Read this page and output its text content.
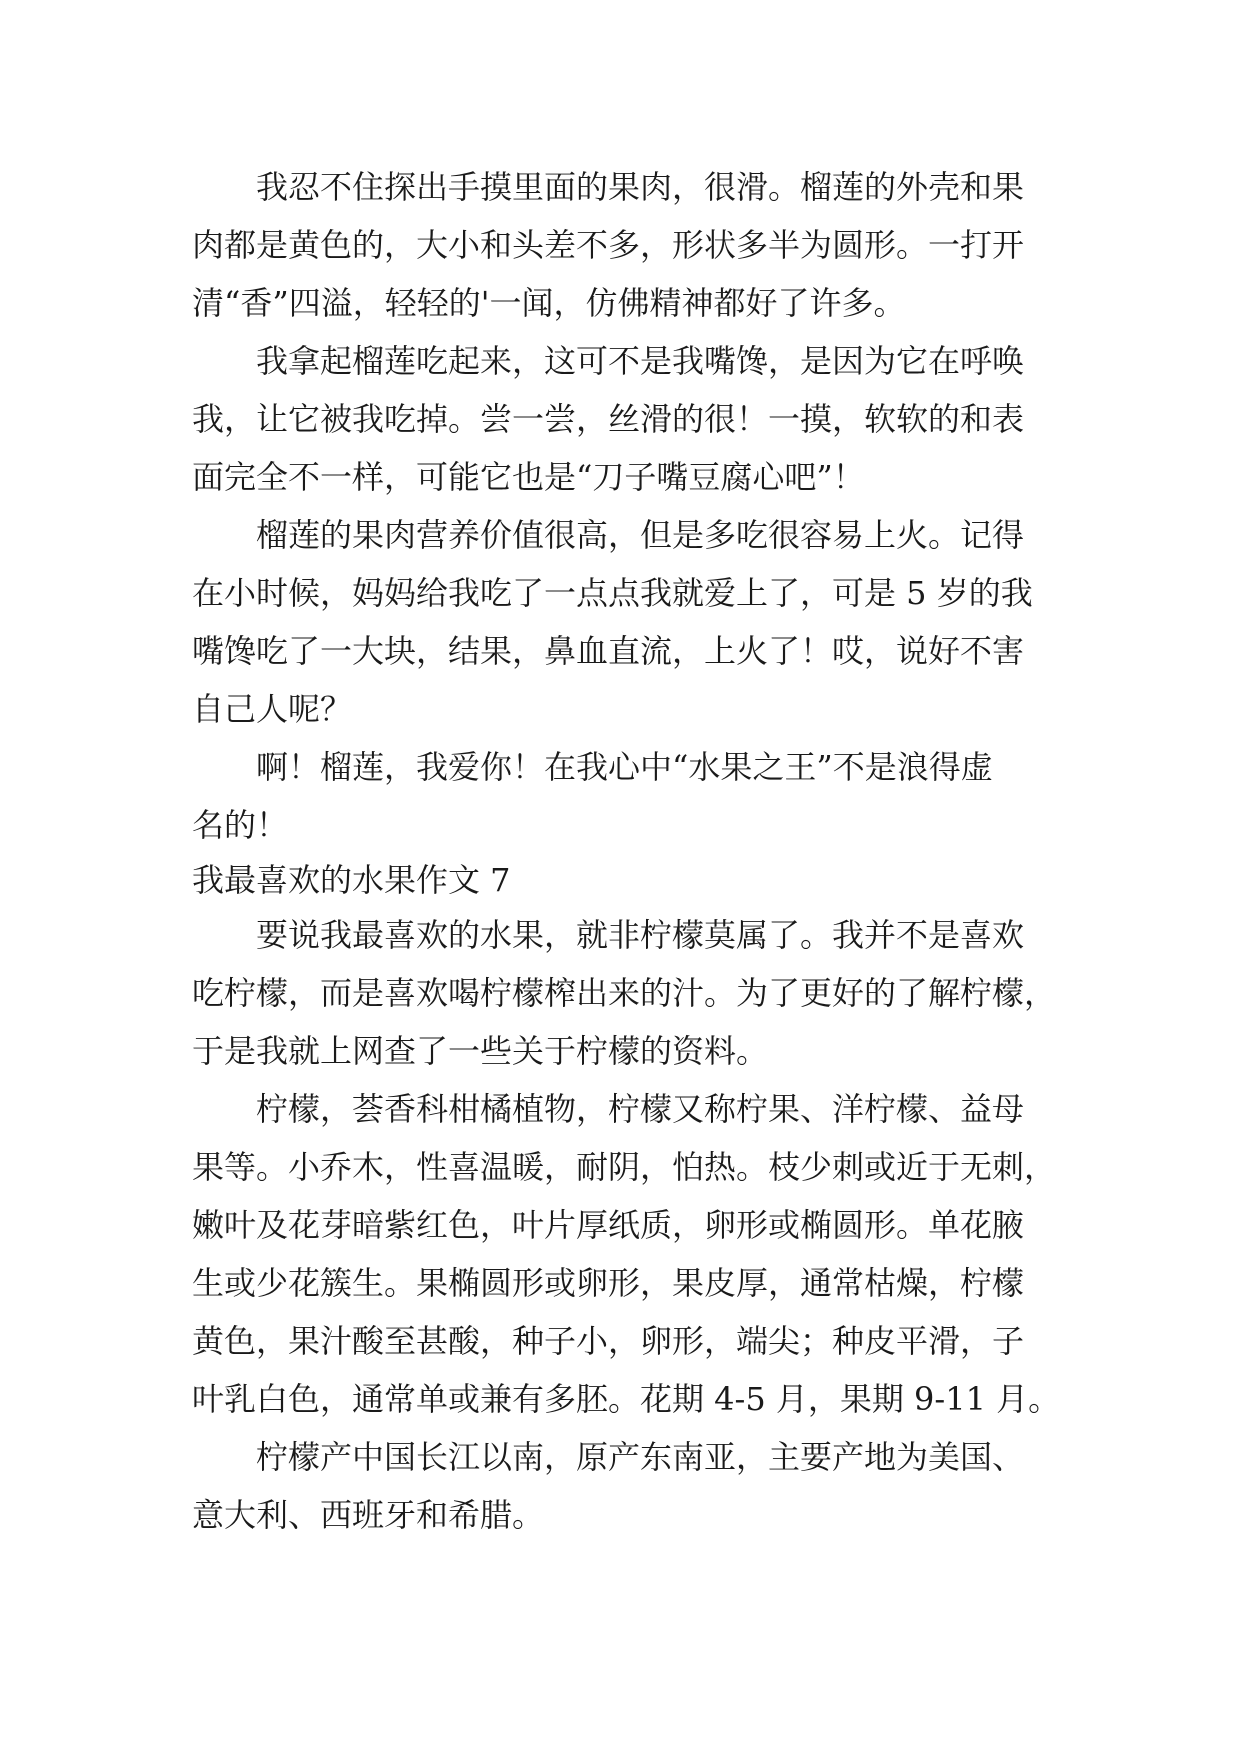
我忍不住探出手摸里面的果肉，很滑。榴莲的外壳和果
肉都是黄色的，大小和头差不多，形状多半为圆形。一打开
清“香”四溢，轻轻的'一闻，仿佛精神都好了许多。
我拿起榴莲吃起来，这可不是我嘴馋，是因为它在呼唤
我，让它被我吃掉。尝一尝，丝滑的很！一摸，软软的和表
面完全不一样，可能它也是“刀子嘴豆腐心吧”！
榴莲的果肉营养价值很高，但是多吃很容易上火。记得
在小时候，妈妈给我吃了一点点我就爱上了，可是 5 岁的我
嘴馋吃了一大块，结果，鼻血直流，上火了！哎，说好不害
自己人呢？
啊！榴莲，我爱你！在我心中“水果之王”不是浪得虚
名的！
我最喜欢的水果作文 7
要说我最喜欢的水果，就非柠檬莫属了。我并不是喜欢
吃柠檬，而是喜欢喝柠檬榨出来的汁。为了更好的了解柠檬，
于是我就上网查了一些关于柠檬的资料。
柠檬，荟香科柑橘植物，柠檬又称柠果、洋柠檬、益母
果等。小乔木，性喜温暖，耐阴，怕热。枝少刺或近于无刺，
嫩叶及花芽暗紫红色，叶片厚纸质，卵形或椭圆形。单花腋
生或少花簇生。果椭圆形或卵形，果皮厚，通常枯燥，柠檬
黄色，果汁酸至甚酸，种子小，卵形，端尖；种皮平滑，子
叶乳白色，通常单或兼有多胚。花期 4-5 月，果期 9-11 月。
柠檬产中国长江以南，原产东南亚，主要产地为美国、
意大利、西班牙和希腊。
